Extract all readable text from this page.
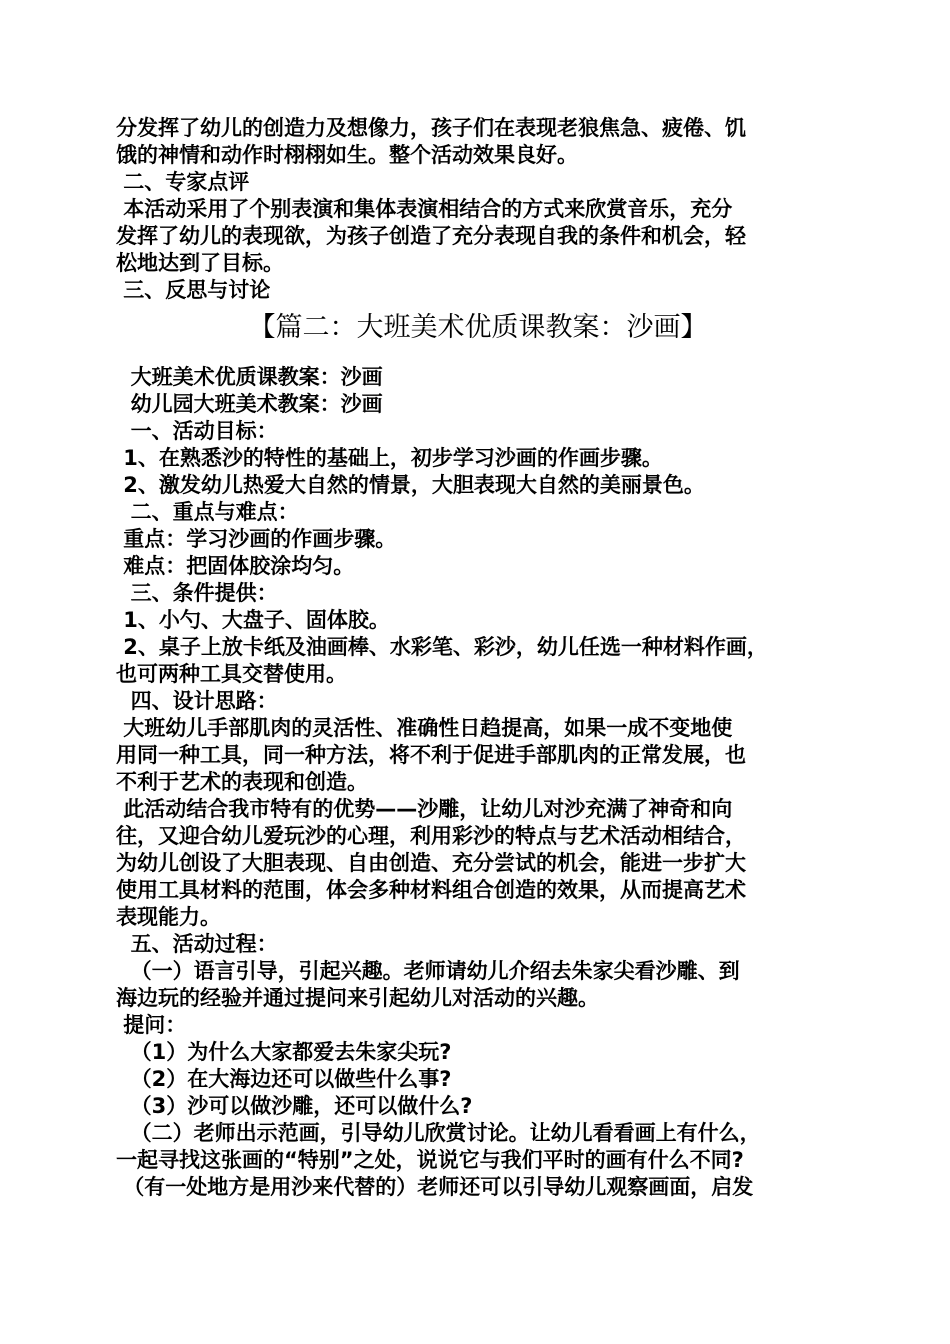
分发挥了幼儿的创造力及想像力，孩子们在表现老狼焦急、疲倦、饥
饿的神情和动作时栩栩如生。整个活动效果良好。
二、专家点评
本活动采用了个别表演和集体表演相结合的方式来欣赏音乐，充分
发挥了幼儿的表现欲，为孩子创造了充分表现自我的条件和机会，轻
松地达到了目标。
三、反思与讨论
【篇二：大班美术优质课教案：沙画】
大班美术优质课教案：沙画
幼儿园大班美术教案：沙画
一、活动目标：
1、在熟悉沙的特性的基础上，初步学习沙画的作画步骤。
2、激发幼儿热爱大自然的情景，大胆表现大自然的美丽景色。
二、重点与难点：
重点：学习沙画的作画步骤。
难点：把固体胶涂均匀。
三、条件提供：
1、小勺、大盘子、固体胶。
2、桌子上放卡纸及油画棒、水彩笔、彩沙，幼儿任选一种材料作画，
也可两种工具交替使用。
四、设计思路：
大班幼儿手部肌肉的灵活性、准确性日趋提高，如果一成不变地使
用同一种工具，同一种方法，将不利于促进手部肌肉的正常发展，也
不利于艺术的表现和创造。
此活动结合我市特有的优势——沙雕，让幼儿对沙充满了神奇和向
往，又迎合幼儿爱玩沙的心理，利用彩沙的特点与艺术活动相结合，
为幼儿创设了大胆表现、自由创造、充分尝试的机会，能进一步扩大
使用工具材料的范围，体会多种材料组合创造的效果，从而提高艺术
表现能力。
五、活动过程：
（一）语言引导，引起兴趣。老师请幼儿介绍去朱家尖看沙雕、到
海边玩的经验并通过提问来引起幼儿对活动的兴趣。
提问：
（1）为什么大家都爱去朱家尖玩?
（2）在大海边还可以做些什么事?
（3）沙可以做沙雕，还可以做什么?
（二）老师出示范画，引导幼儿欣赏讨论。让幼儿看看画上有什么，
一起寻找这张画的“特别”之处，说说它与我们平时的画有什么不同?
（有一处地方是用沙来代替的）老师还可以引导幼儿观察画面，启发
